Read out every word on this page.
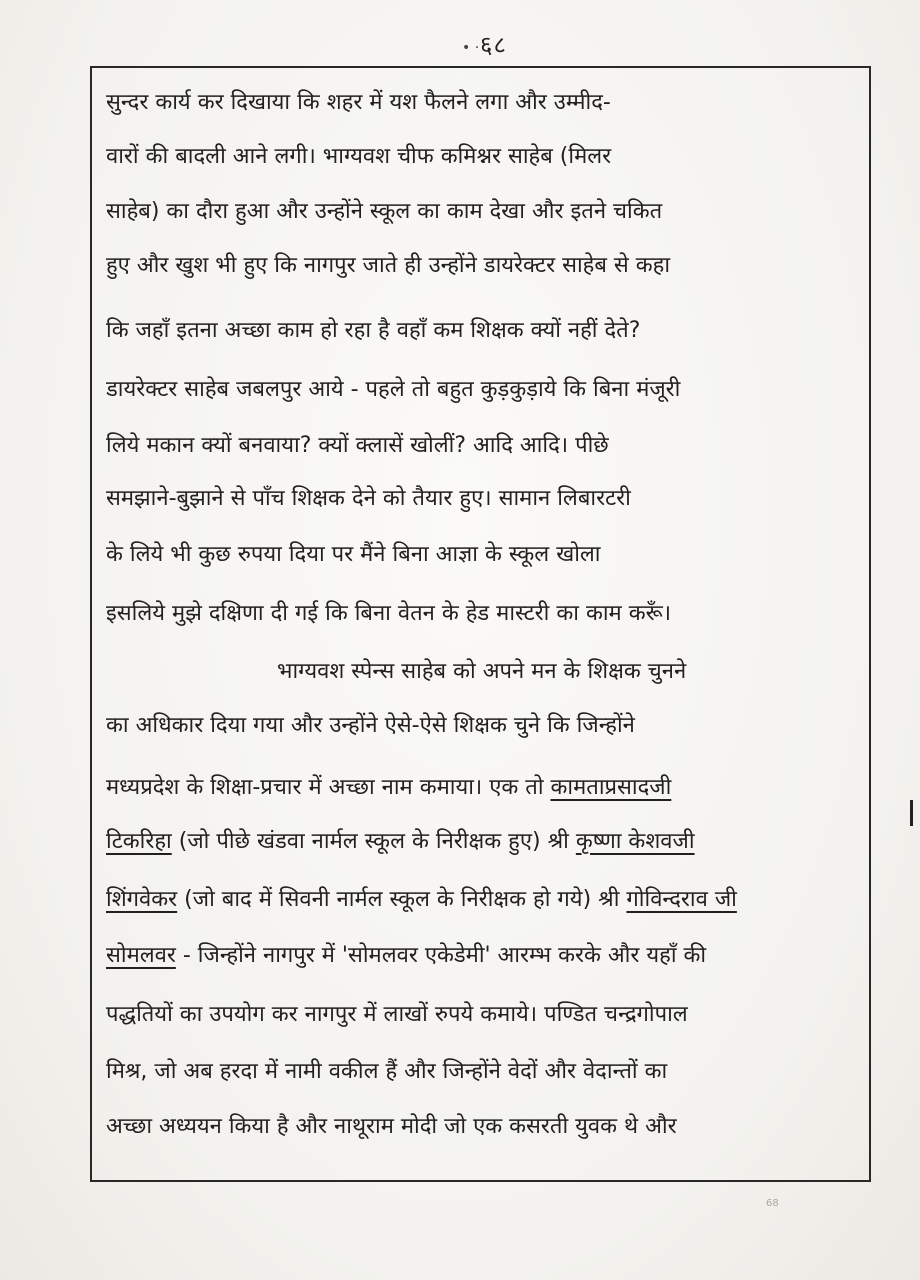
• · ६८
सुन्दर कार्य कर दिखाया कि शहर में यश फैलने लगा और उम्मीद-
वारों की बादली आने लगी। भाग्यवश चीफ कमिश्नर साहेब (मिलर
साहेब) का दौरा हुआ और उन्होंने स्कूल का काम देखा और इतने चकित
हुए और खुश भी हुए कि नागपुर जाते ही उन्होंने डायरेक्टर साहेब से कहा
कि जहाँ इतना अच्छा काम हो रहा है वहाँ कम शिक्षक क्यों नहीं देते?
डायरेक्टर साहेब जबलपुर आये - पहले तो बहुत कुड़कुड़ाये कि बिना मंजूरी
लिये मकान क्यों बनवाया? क्यों क्लासें खोलीं? आदि आदि। पीछे
समझाने-बुझाने से पाँच शिक्षक देने को तैयार हुए। सामान लिबारटरी
के लिये भी कुछ रुपया दिया पर मैंने बिना आज्ञा के स्कूल खोला
इसलिये मुझे दक्षिणा दी गई कि बिना वेतन के हेड मास्टरी का काम करूँ।
भाग्यवश स्पेन्स साहेब को अपने मन के शिक्षक चुनने
का अधिकार दिया गया और उन्होंने ऐसे-ऐसे शिक्षक चुने कि जिन्होंने
मध्यप्रदेश के शिक्षा-प्रचार में अच्छा नाम कमाया। एक तो कामताप्रसादजी
टिकरिहा (जो पीछे खंडवा नार्मल स्कूल के निरीक्षक हुए) श्री कृष्णा केशवजी
शिंगवेकर (जो बाद में सिवनी नार्मल स्कूल के निरीक्षक हो गये) श्री गोविन्दराव जी
सोमलवर - जिन्होंने नागपुर में 'सोमलवर एकेडेमी' आरम्भ करके और यहाँ की
पद्धतियों का उपयोग कर नागपुर में लाखों रुपये कमाये। पण्डित चन्द्रगोपाल
मिश्र, जो अब हरदा में नामी वकील हैं और जिन्होंने वेदों और वेदान्तों का
अच्छा अध्ययन किया है और नाथूराम मोदी जो एक कसरती युवक थे और
68
